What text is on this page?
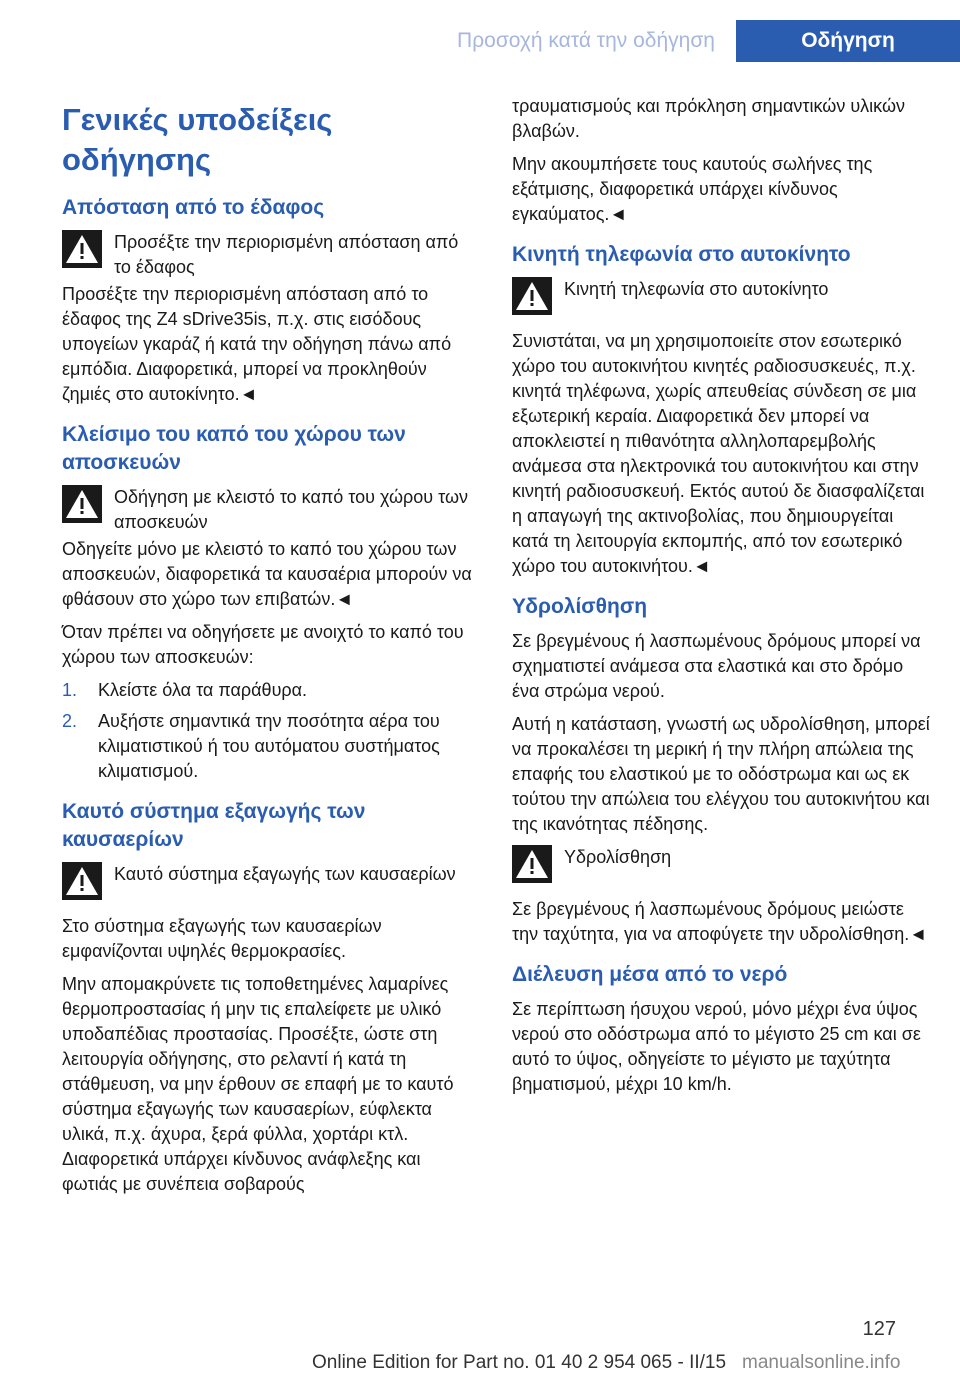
Προσοχή κατά την οδήγηση	Οδήγηση
Γενικές υποδείξεις οδήγησης
Απόσταση από το έδαφος

Προσέξτε την περιορισμένη απόσταση από το έδαφος

Προσέξτε την περιορισμένη απόσταση από το έδαφος της Z4 sDrive35is, π.χ. στις εισόδους υπογείων γκαράζ ή κατά την οδήγηση πάνω από εμπόδια. Διαφορετικά, μπορεί να προκληθούν ζημιές στο αυτοκίνητο.◄

Κλείσιμο του καπό του χώρου των αποσκευών

Οδήγηση με κλειστό το καπό του χώρου των αποσκευών

Οδηγείτε μόνο με κλειστό το καπό του χώρου των αποσκευών, διαφορετικά τα καυσαέρια μπορούν να φθάσουν στο χώρο των επιβατών.◄

Όταν πρέπει να οδηγήσετε με ανοιχτό το καπό του χώρου των αποσκευών:

1. Κλείστε όλα τα παράθυρα.
2. Αυξήστε σημαντικά την ποσότητα αέρα του κλιματιστικού ή του αυτόματου συστήματος κλιματισμού.
Καυτό σύστημα εξαγωγής των καυσαερίων

Καυτό σύστημα εξαγωγής των καυσαερίων

Στο σύστημα εξαγωγής των καυσαερίων εμφανίζονται υψηλές θερμοκρασίες.

Μην απομακρύνετε τις τοποθετημένες λαμαρίνες θερμοπροστασίας ή μην τις επαλείφετε με υλικό υποδαπέδιας προστασίας. Προσέξτε, ώστε στη λειτουργία οδήγησης, στο ρελαντί ή κατά τη στάθμευση, να μην έρθουν σε επαφή με το καυτό σύστημα εξαγωγής των καυσαερίων, εύφλεκτα υλικά, π.χ. άχυρα, ξερά φύλλα, χορτάρι κτλ. Διαφορετικά υπάρχει κίνδυνος ανάφλεξης και φωτιάς με συνέπεια σοβαρούς

τραυματισμούς και πρόκληση σημαντικών υλικών βλαβών.

Μην ακουμπήσετε τους καυτούς σωλήνες της εξάτμισης, διαφορετικά υπάρχει κίνδυνος εγκαύματος.◄

Κινητή τηλεφωνία στο αυτοκίνητο

Κινητή τηλεφωνία στο αυτοκίνητο

Συνιστάται, να μη χρησιμοποιείτε στον εσωτερικό χώρο του αυτοκινήτου κινητές ραδιοσυσκευές, π.χ. κινητά τηλέφωνα, χωρίς απευθείας σύνδεση σε μια εξωτερική κεραία. Διαφορετικά δεν μπορεί να αποκλειστεί η πιθανότητα αλληλοπαρεμβολής ανάμεσα στα ηλεκτρονικά του αυτοκινήτου και στην κινητή ραδιοσυσκευή. Εκτός αυτού δε διασφαλίζεται η απαγωγή της ακτινοβολίας, που δημιουργείται κατά τη λειτουργία εκπομπής, από τον εσωτερικό χώρο του αυτοκινήτου.◄

Υδρολίσθηση

Σε βρεγμένους ή λασπωμένους δρόμους μπορεί να σχηματιστεί ανάμεσα στα ελαστικά και στο δρόμο ένα στρώμα νερού.

Αυτή η κατάσταση, γνωστή ως υδρολίσθηση, μπορεί να προκαλέσει τη μερική ή την πλήρη απώλεια της επαφής του ελαστικού με το οδόστρωμα και ως εκ τούτου την απώλεια του ελέγχου του αυτοκινήτου και της ικανότητας πέδησης.

Υδρολίσθηση

Σε βρεγμένους ή λασπωμένους δρόμους μειώστε την ταχύτητα, για να αποφύγετε την υδρολίσθηση.◄

Διέλευση μέσα από το νερό

Σε περίπτωση ήσυχου νερού, μόνο μέχρι ένα ύψος νερού στο οδόστρωμα από το μέγιστο 25 cm και σε αυτό το ύψος, οδηγείστε το μέγιστο με ταχύτητα βηματισμού, μέχρι 10 km/h.

127
Online Edition for Part no. 01 40 2 954 065 - II/15 manualsonline.info
